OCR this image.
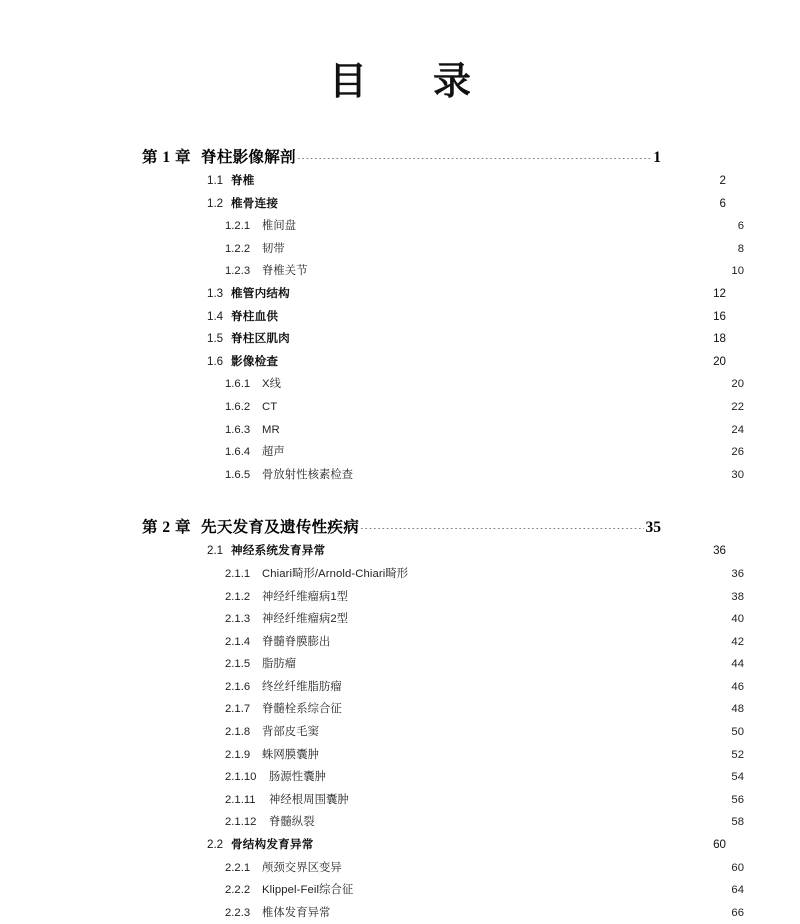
目　录
第 1 章 脊柱影像解剖 .....	1
1.1 脊椎 .....	2
1.2 椎骨连接 .....	6
1.2.1	椎间盘 .....	6
1.2.2	韧带 .....	8
1.2.3	脊椎关节 .....	10
1.3 椎管内结构 .....	12
1.4 脊柱血供 .....	16
1.5 脊柱区肌肉 .....	18
1.6 影像检查 .....	20
1.6.1	X线 .....	20
1.6.2	CT .....	22
1.6.3	MR .....	24
1.6.4	超声 .....	26
1.6.5	骨放射性核素检查 .....	30
第 2 章 先天发育及遗传性疾病 .....	35
2.1 神经系统发育异常 .....	36
2.1.1	Chiari畸形/Arnold-Chiari畸形 .....	36
2.1.2	神经纤维瘤病1型 .....	38
2.1.3	神经纤维瘤病2型 .....	40
2.1.4	脊髓脊膜膨出 .....	42
2.1.5	脂肪瘤 .....	44
2.1.6	终丝纤维脂肪瘤 .....	46
2.1.7	脊髓栓系综合征 .....	48
2.1.8	背部皮毛窦 .....	50
2.1.9	蛛网膜囊肿 .....	52
2.1.10	肠源性囊肿 .....	54
2.1.11	神经根周围囊肿 .....	56
2.1.12	脊髓纵裂 .....	58
2.2 骨结构发育异常 .....	60
2.2.1	颅颈交界区变异 .....	60
2.2.2	Klippel-Feil综合征 .....	64
2.2.3	椎体发育异常 .....	66
